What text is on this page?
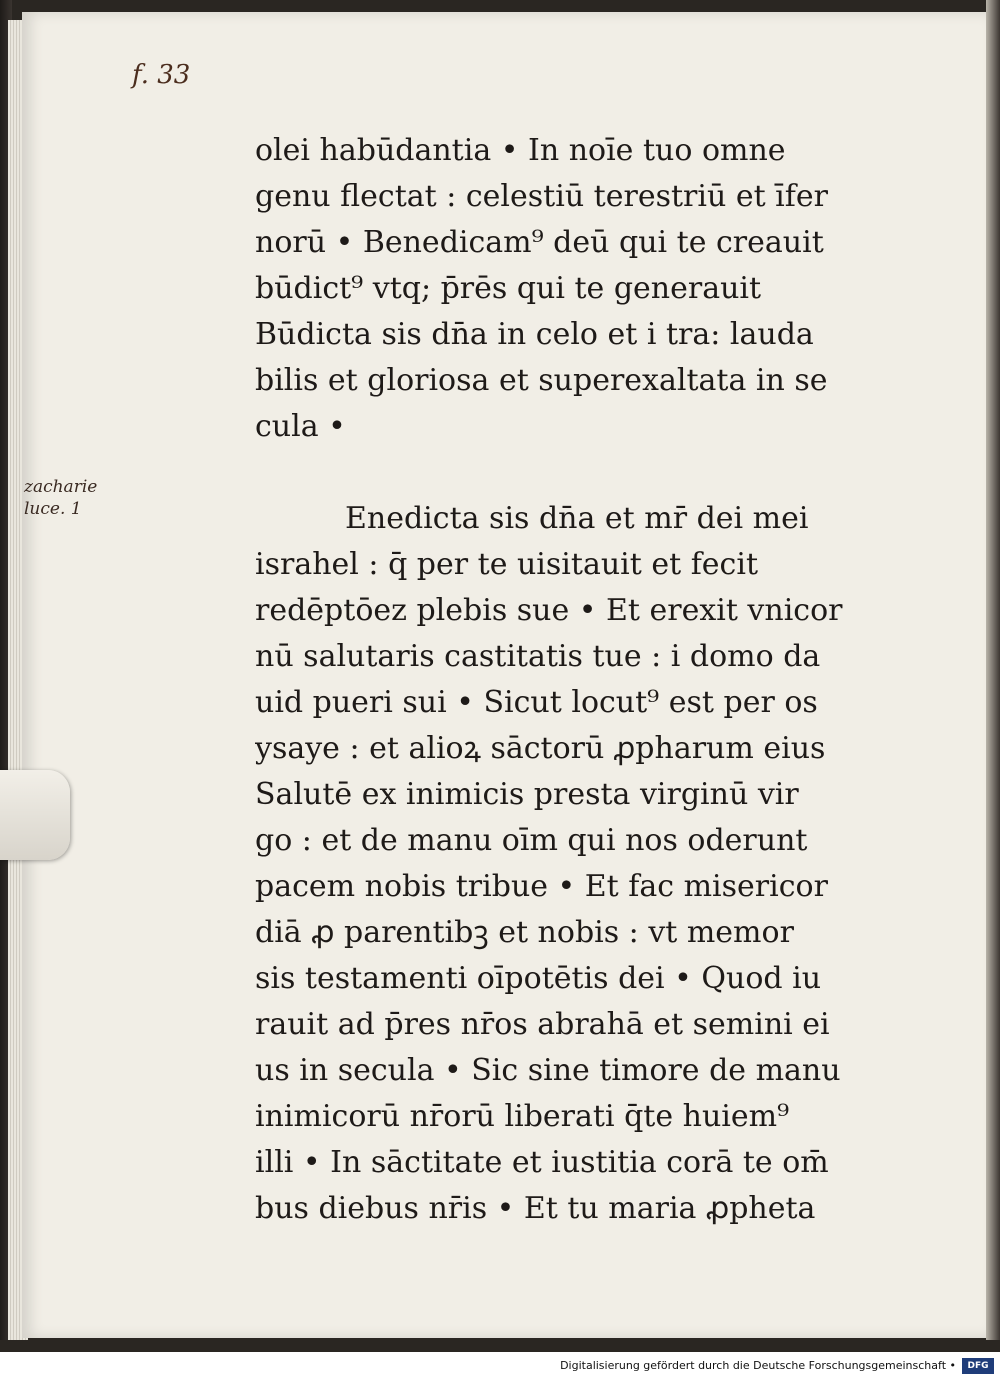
f. 33
zacharie
luce. 1
olei habūdantia • In noīe tuo omne
genu flectat : celestiū terestriū et īfer
norū • Benedicam⁹ deū qui te creauit
būdict⁹ vtq; p̄rēs qui te generauit
Būdicta sis dn̄a in celo et i tra: lauda
bilis et gloriosa et superexaltata in se
cula •
Enedicta sis dn̄a et mr̄ dei mei
israhel : q̄ per te uisitauit et fecit
redēptōez plebis sue • Et erexit vnicor
nū salutaris castitatis tue : i domo da
uid pueri sui • Sicut locut⁹ est per os
ysaye : et alioꝝ sāctorū ꝓpharum eius
Salutē ex inimicis presta virginū vir
go : et de manu oīm qui nos oderunt
pacem nobis tribue • Et fac misericor
diā ꝓ parentibꝫ et nobis : vt memor
sis testamenti oīpotētis dei • Quod iu
rauit ad p̄res nr̄os abrahā et semini ei
us in secula • Sic sine timore de manu
inimicorū nr̄orū liberati q̄te huiem⁹
illi • In sāctitate et iustitia corā te om̄
bus diebus nr̄is • Et tu maria ꝓpheta
Digitalisierung gefördert durch die Deutsche Forschungsgemeinschaft •	DFG
